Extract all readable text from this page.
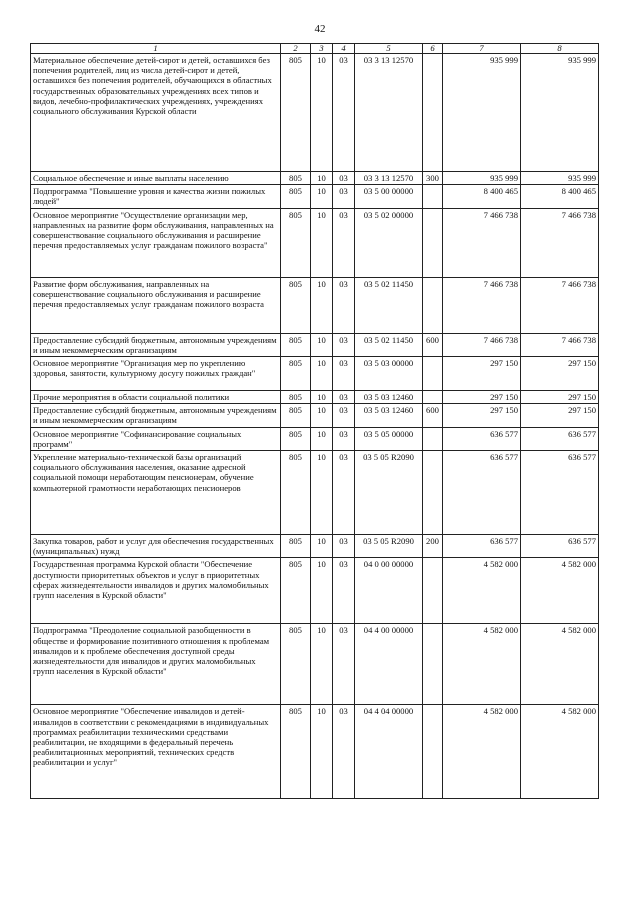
42
1	2	3	4	5	6	7	8
Материальное обеспечение детей-сирот и детей, оставшихся без попечения родителей, лиц из числа детей-сирот и детей, оставшихся без попечения родителей, обучающихся в областных государственных образовательных учреждениях всех типов и видов, лечебно-профилактических учреждениях, учреждениях социального обслуживания Курской области	805	10	03	03 3 13 12570		935 999	935 999
Социальное обеспечение и иные выплаты населению	805	10	03	03 3 13 12570	300	935 999	935 999
Подпрограмма "Повышение уровня и качества жизни пожилых людей"	805	10	03	03 5 00 00000		8 400 465	8 400 465
Основное мероприятие "Осуществление организации мер, направленных на развитие форм обслуживания, направленных на совершенствование социального обслуживания и расширение перечня предоставляемых услуг гражданам пожилого возраста"	805	10	03	03 5 02 00000		7 466 738	7 466 738
Развитие форм обслуживания, направленных на совершенствование социального обслуживания и расширение перечня предоставляемых услуг гражданам пожилого возраста	805	10	03	03 5 02 11450		7 466 738	7 466 738
Предоставление субсидий бюджетным, автономным учреждениям и иным некоммерческим организациям	805	10	03	03 5 02 11450	600	7 466 738	7 466 738
Основное мероприятие "Организация мер по укреплению здоровья, занятости, культурному досугу пожилых граждан"	805	10	03	03 5 03 00000		297 150	297 150
Прочие мероприятия в области социальной политики	805	10	03	03 5 03 12460		297 150	297 150
Предоставление субсидий бюджетным, автономным учреждениям и иным некоммерческим организациям	805	10	03	03 5 03 12460	600	297 150	297 150
Основное мероприятие "Софинансирование социальных программ"	805	10	03	03 5 05 00000		636 577	636 577
Укрепление материально-технической базы организаций социального обслуживания населения, оказание адресной социальной помощи неработающим пенсионерам, обучение компьютерной грамотности неработающих пенсионеров	805	10	03	03 5 05 R2090		636 577	636 577
Закупка товаров, работ и услуг для обеспечения государственных (муниципальных) нужд	805	10	03	03 5 05 R2090	200	636 577	636 577
Государственная программа Курской области "Обеспечение доступности приоритетных объектов и услуг в приоритетных сферах жизнедеятельности инвалидов и других маломобильных групп населения в Курской области"	805	10	03	04 0 00 00000		4 582 000	4 582 000
Подпрограмма "Преодоление социальной разобщенности в обществе и формирование позитивного отношения к проблемам инвалидов и к проблеме обеспечения доступной среды жизнедеятельности для инвалидов и других маломобильных групп населения в Курской области"	805	10	03	04 4 00 00000		4 582 000	4 582 000
Основное мероприятие "Обеспечение инвалидов и детей-инвалидов в соответствии с рекомендациями в индивидуальных программах реабилитации техническими средствами реабилитации, не входящими в федеральный перечень реабилитационных мероприятий, технических средств реабилитации и услуг"	805	10	03	04 4 04 00000		4 582 000	4 582 000
